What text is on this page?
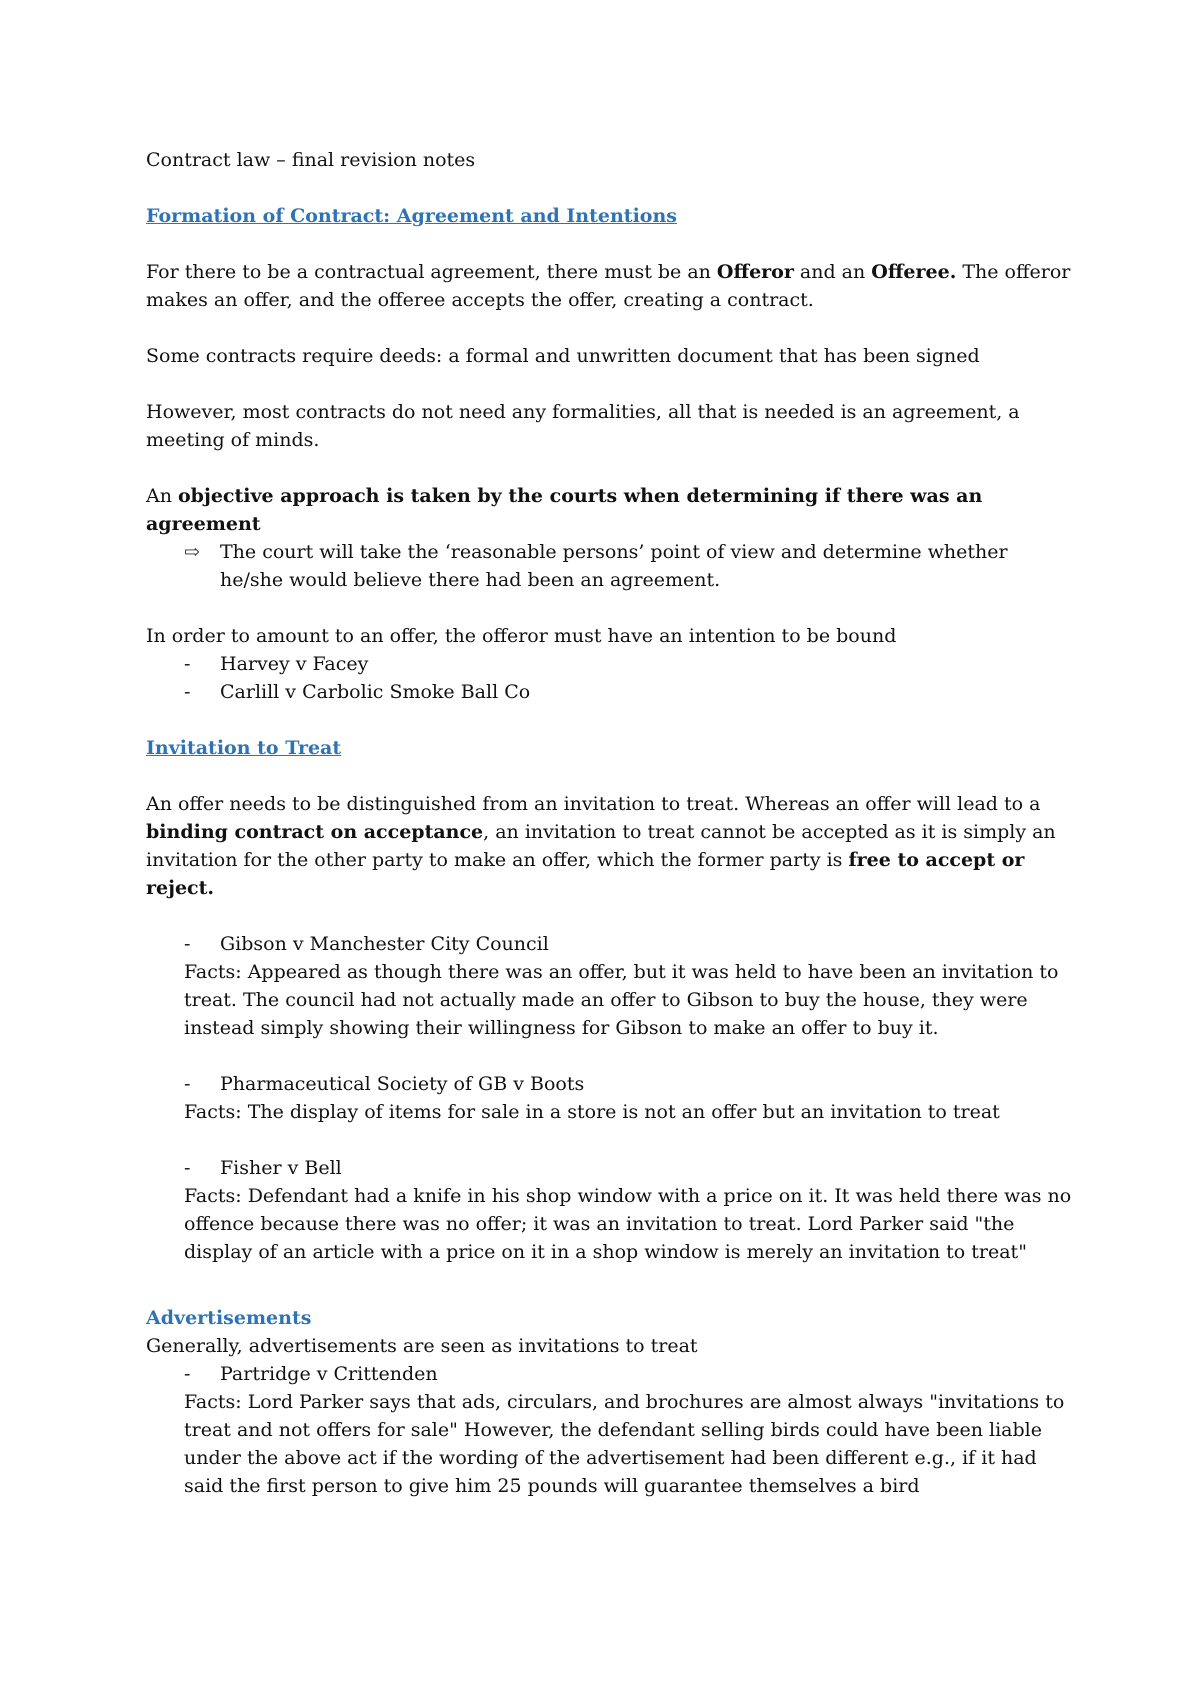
Contract law – final revision notes

Formation of Contract: Agreement and Intentions

For there to be a contractual agreement, there must be an Offeror and an Offeree. The offeror makes an offer, and the offeree accepts the offer, creating a contract.

Some contracts require deeds: a formal and unwritten document that has been signed

However, most contracts do not need any formalities, all that is needed is an agreement, a meeting of minds.

An objective approach is taken by the courts when determining if there was an agreement

⇨	The court will take the ‘reasonable persons’ point of view and determine whether he/she would believe there had been an agreement.

In order to amount to an offer, the offeror must have an intention to be bound

-	Harvey v Facey
-	Carlill v Carbolic Smoke Ball Co

Invitation to Treat

An offer needs to be distinguished from an invitation to treat. Whereas an offer will lead to a binding contract on acceptance, an invitation to treat cannot be accepted as it is simply an invitation for the other party to make an offer, which the former party is free to accept or reject.

-	Gibson v Manchester City Council

Facts: Appeared as though there was an offer, but it was held to have been an invitation to treat. The council had not actually made an offer to Gibson to buy the house, they were instead simply showing their willingness for Gibson to make an offer to buy it.

-	Pharmaceutical Society of GB v Boots

Facts: The display of items for sale in a store is not an offer but an invitation to treat

-	Fisher v Bell

Facts: Defendant had a knife in his shop window with a price on it. It was held there was no offence because there was no offer; it was an invitation to treat. Lord Parker said "the display of an article with a price on it in a shop window is merely an invitation to treat"

Advertisements

Generally, advertisements are seen as invitations to treat

-	Partridge v Crittenden

Facts: Lord Parker says that ads, circulars, and brochures are almost always "invitations to treat and not offers for sale" However, the defendant selling birds could have been liable under the above act if the wording of the advertisement had been different e.g., if it had said the first person to give him 25 pounds will guarantee themselves a bird
